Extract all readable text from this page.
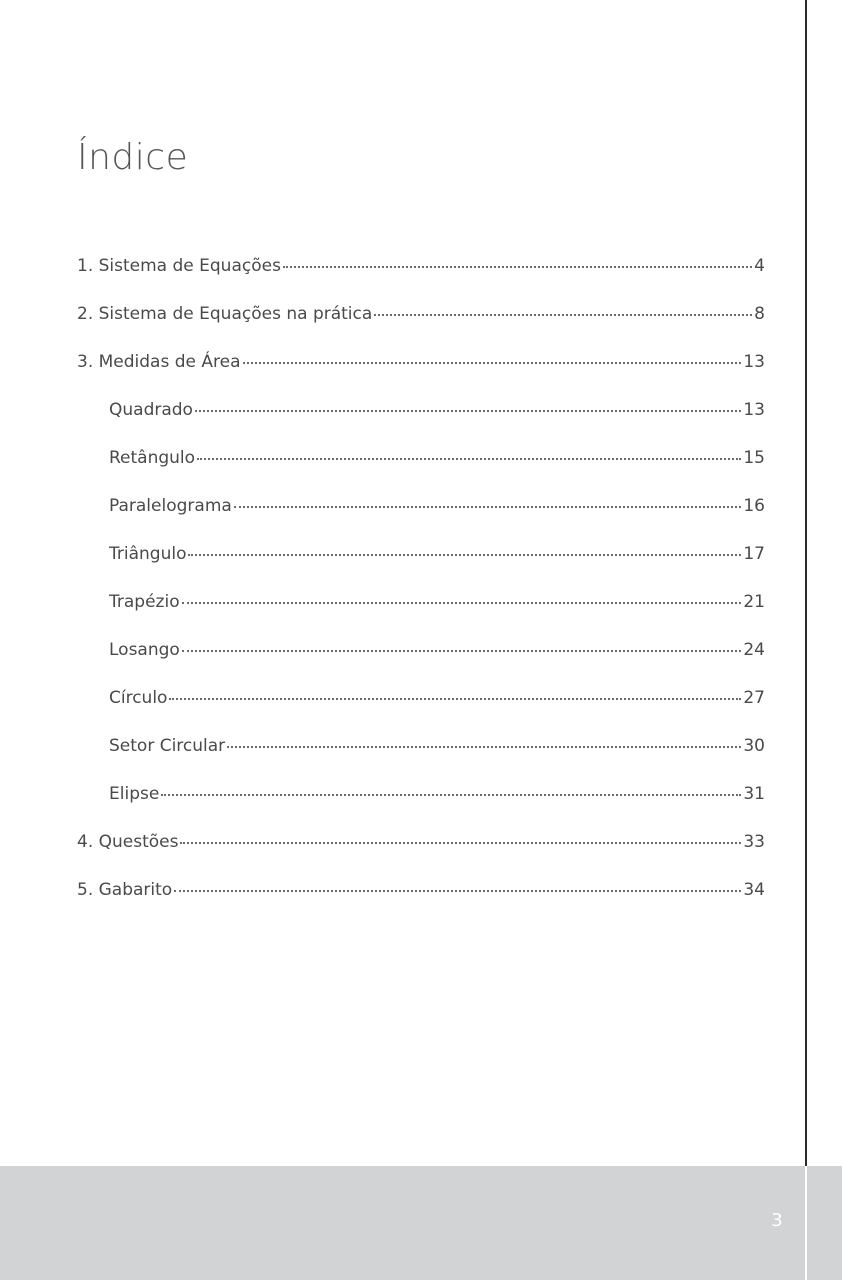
Índice
1. Sistema de Equações	4
2. Sistema de Equações na prática	8
3. Medidas de Área	13
Quadrado	13
Retângulo	15
Paralelograma	16
Triângulo	17
Trapézio	21
Losango	24
Círculo	27
Setor Circular	30
Elipse	31
4. Questões	33
5. Gabarito	34
3
